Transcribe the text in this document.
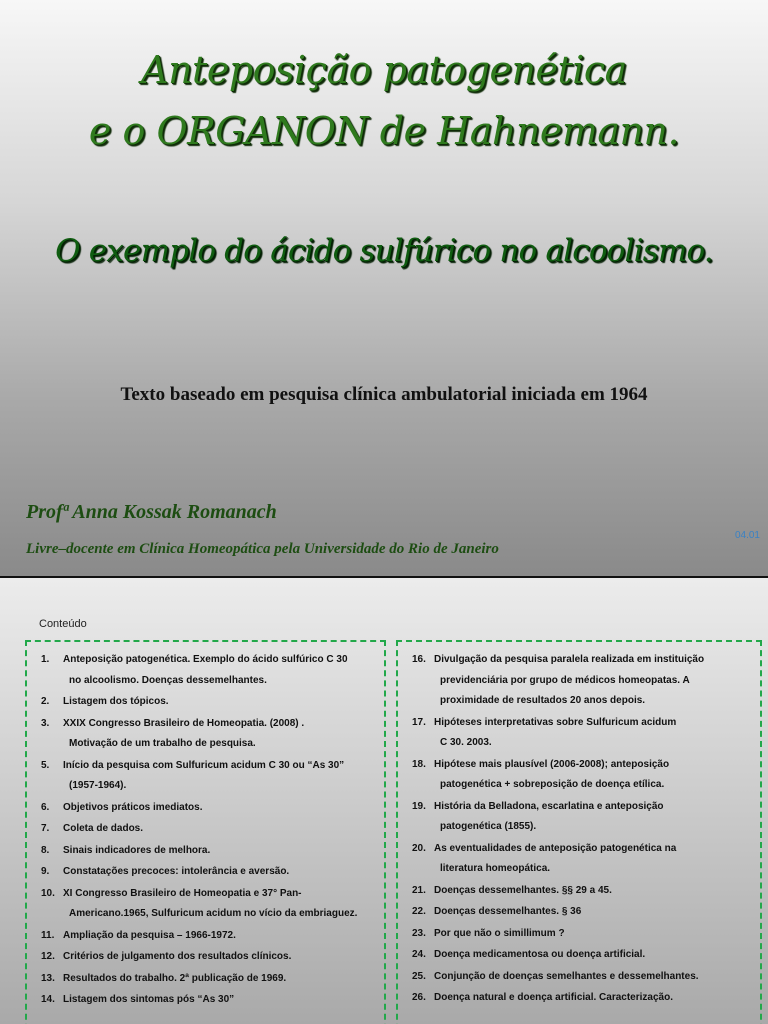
Anteposição patogenética
e o ORGANON de Hahnemann.
O exemplo do ácido sulfúrico no alcoolismo.
Texto baseado em pesquisa clínica ambulatorial iniciada em 1964
Profª Anna Kossak Romanach
Livre–docente em Clínica Homeopática pela Universidade do Rio de Janeiro
04.01
Conteúdo
1. Anteposição patogenética. Exemplo do ácido sulfúrico C 30
no alcoolismo. Doenças dessemelhantes.
2. Listagem dos tópicos.
3. XXIX Congresso Brasileiro de Homeopatia. (2008) .
Motivação de um trabalho de pesquisa.
5. Início da pesquisa com Sulfuricum acidum C 30 ou “As 30”
(1957-1964).
6. Objetivos práticos imediatos.
7. Coleta de dados.
8. Sinais indicadores de melhora.
9. Constatações precoces: intolerância e aversão.
10. XI Congresso Brasileiro de Homeopatia e 37° Pan-
Americano.1965, Sulfuricum acidum no vício da embriaguez.
11. Ampliação da pesquisa – 1966-1972.
12. Critérios de julgamento dos resultados clínicos.
13. Resultados do trabalho. 2ª publicação de 1969.
14. Listagem dos sintomas pós “As 30”
16. Divulgação da pesquisa paralela realizada em instituição
previdenciária por grupo de médicos homeopatas. A
proximidade de resultados 20 anos depois.
17. Hipóteses interpretativas sobre Sulfuricum acidum
C 30. 2003.
18. Hipótese mais plausível (2006-2008); anteposição
patogenética + sobreposição de doença etílica.
19. História da Belladona, escarlatina e anteposição
patogenética (1855).
20. As eventualidades de anteposição patogenética na
literatura homeopática.
21. Doenças dessemelhantes. §§ 29 a 45.
22. Doenças dessemelhantes. § 36
23. Por que não o simillimum ?
24. Doença medicamentosa ou doença artificial.
25. Conjunção de doenças semelhantes e dessemelhantes.
26. Doença natural e doença artificial. Caracterização.
